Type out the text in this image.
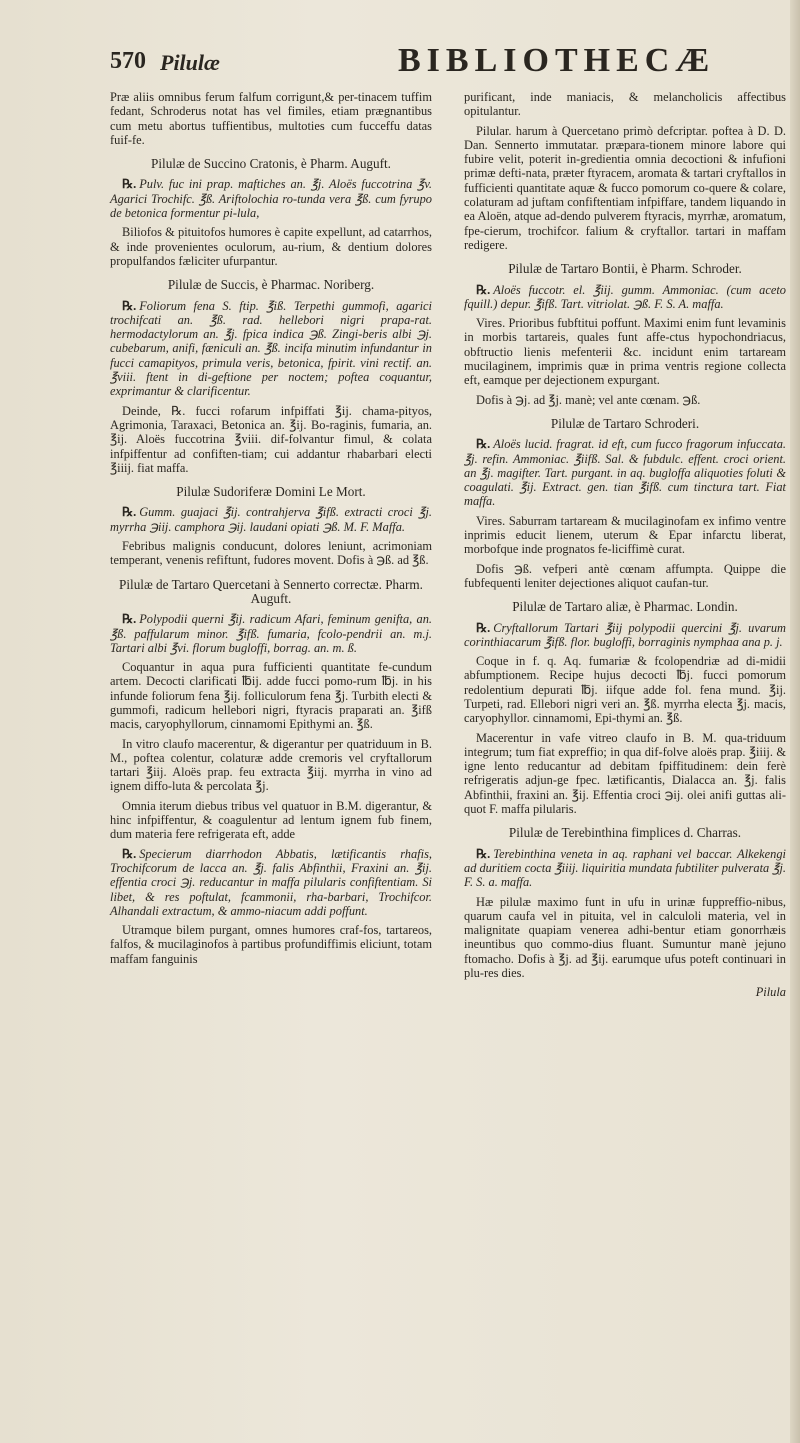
570 Pilulæ	BIBLIOTHECÆ

Præ aliis omnibus ferum falfum corrigunt,& per-tinacem tuffim fedant, Schroderus notat has vel fimiles, etiam prægnantibus cum metu abortus tuffientibus, multoties cum fucceffu datas fuif-fe.

Pilulæ de Succino Cratonis, è Pharm. Auguft.

℞. Pulv. fuc ini prap. maftiches an. ℥j. Aloës fuccotrina ℥v. Agarici Trochifc. ℥ß. Ariftolochia ro-tunda vera ℥ß. cum fyrupo de betonica formentur pi-lula,

Biliofos & pituitofos humores è capite expellunt, ad catarrhos, & inde provenientes oculorum, au-rium, & dentium dolores propulfandos fæliciter ufurpantur.

Pilulæ de Succis, è Pharmac. Noriberg.

℞. Foliorum fena S. ftip. ℥iß. Terpethi gummofi, agarici trochifcati an. ℥ß. rad. hellebori nigri prapa-rat. hermodactylorum an. ℥j. fpica indica ℈ß. Zingi-beris albi ℈j. cubebarum, anifi, fæniculi an. ℥ß. incifa minutim infundantur in fucci camapityos, primula veris, betonica, fpirit. vini rectif. an. ℥viii. ftent in di-geftione per noctem; poftea coquantur, exprimantur & clarificentur.

Deinde, ℞. fucci rofarum infpiffati ℥ij. chama-pityos, Agrimonia, Taraxaci, Betonica an. ℥ij. Bo-raginis, fumaria, an. ℥ij. Aloës fuccotrina ℥viii. dif-folvantur fimul, & colata infpiffentur ad confiften-tiam; cui addantur rhabarbari electi ℥iiij. fiat maffa.

Pilulæ Sudoriferæ Domini Le Mort.

℞. Gumm. guajaci ℥ij. contrahjerva ℥ifß. extracti croci ℥j. myrrha ℈iij. camphora ℈ij. laudani opiati ℈ß. M. F. Maffa.

Febribus malignis conducunt, dolores leniunt, acrimoniam temperant, venenis refiftunt, fudores movent. Dofis à ℈ß. ad ℥ß.

Pilulæ de Tartaro Quercetani à Sennerto correctæ. Pharm. Auguft.

℞. Polypodii querni ℥ij. radicum Afari, feminum genifta, an. ℥ß. paffularum minor. ℥ifß. fumaria, fcolo-pendrii an. m.j. Tartari albi ℥vi. florum bugloffi, borrag. an. m. ß.

Coquantur in aqua pura fufficienti quantitate fe-cundum artem. Decocti clarificati ℔ij. adde fucci pomo-rum ℔j. in his infunde foliorum fena ℥ij. folliculorum fena ℥j. Turbith electi & gummofi, radicum hellebori nigri, ftyracis praparati an. ℥ifß macis, caryophyllorum, cinnamomi Epithymi an. ℥ß.

In vitro claufo macerentur, & digerantur per quatriduum in B. M., poftea colentur, colaturæ adde cremoris vel cryftallorum tartari ℥iij. Aloës prap. feu extracta ℥iij. myrrha in vino ad ignem diffo-luta & percolata ℥j.

Omnia iterum diebus tribus vel quatuor in B.M. digerantur, & hinc infpiffentur, & coagulentur ad lentum ignem fub finem, dum materia fere refrigerata eft, adde

℞. Specierum diarrhodon Abbatis, lætificantis rhafis, Trochifcorum de lacca an. ℥j. falis Abfinthii, Fraxini an. ℥ij. effentia croci ℈j. reducantur in maffa pilularis confiftentiam. Si libet, & res poftulat, fcammonii, rha-barbari, Trochifcor. Alhandali extractum, & ammo-niacum addi poffunt.

Utramque bilem purgant, omnes humores craf-fos, tartareos, falfos, & mucilaginofos à partibus profundiffimis eliciunt, totam maffam fanguinis

purificant, inde maniacis, & melancholicis affectibus opitulantur.

Pilular. harum à Quercetano primò defcriptar. poftea à D. D. Dan. Sennerto immutatar. præpara-tionem minore labore qui fubire velit, poterit in-gredientia omnia decoctioni & infufioni primæ defti-nata, præter ftyracem, aromata & tartari cryftallos in fufficienti quantitate aquæ & fucco pomorum co-quere & colare, colaturam ad juftam confiftentiam infpiffare, tandem liquando in ea Aloën, atque ad-dendo pulverem ftyracis, myrrhæ, aromatum, fpe-cierum, trochifcor. falium & cryftallor. tartari in maffam redigere.

Pilulæ de Tartaro Bontii, è Pharm. Schroder.

℞. Aloës fuccotr. el. ℥iij. gumm. Ammoniac. (cum aceto fquill.) depur. ℥ifß. Tart. vitriolat. ℈ß. F. S. A. maffa.

Vires. Prioribus fubftitui poffunt. Maximi enim funt levaminis in morbis tartareis, quales funt affe-ctus hypochondriacus, obftructio lienis mefenterii &c. incidunt enim tartaream mucilaginem, imprimis quæ in prima ventris regione collecta eft, eamque per dejectionem expurgant.

Dofis à ℈j. ad ℥j. manè; vel ante cœnam. ℈ß.

Pilulæ de Tartaro Schroderi.

℞. Aloës lucid. fragrat. id eft, cum fucco fragorum infuccata. ℥j. refin. Ammoniac. ℥iifß. Sal. & fubdulc. effent. croci orient. an ℥j. magifter. Tart. purgant. in aq. bugloffa aliquoties foluti & coagulati. ℥ij. Extract. gen. tian ℥ifß. cum tinctura tart. Fiat maffa.

Vires. Saburram tartaream & mucilaginofam ex infimo ventre inprimis educit lienem, uterum & Epar infarctu liberat, morbofque inde prognatos fe-liciffimè curat.

Dofis ℈ß. vefperi antè cœnam affumpta. Quippe die fubfequenti leniter dejectiones aliquot caufan-tur.

Pilulæ de Tartaro aliæ, è Pharmac. Londin.

℞. Cryftallorum Tartari ℥iij polypodii quercini ℥j. uvarum corinthiacarum ℥ifß. flor. bugloffi, borraginis nymphaa ana p. j.

Coque in f. q. Aq. fumariæ & fcolopendriæ ad di-midii abfumptionem. Recipe hujus decocti ℔j. fucci pomorum redolentium depurati ℔j. iifque adde fol. fena mund. ℥ij. Turpeti, rad. Ellebori nigri veri an. ℥ß. myrrha electa ℥j. macis, caryophyllor. cinnamomi, Epi-thymi an. ℥ß.

Macerentur in vafe vitreo claufo in B. M. qua-triduum integrum; tum fiat expreffio; in qua dif-folve aloës prap. ℥iiij. & igne lento reducantur ad debitam fpiffitudinem: dein ferè refrigeratis adjun-ge fpec. lætificantis, Dialacca an. ℥j. falis Abfinthii, fraxini an. ℥ij. Effentia croci ℈ij. olei anifi guttas ali-quot F. maffa pilularis.

Pilulæ de Terebinthina fimplices d. Charras.

℞. Terebinthina veneta in aq. raphani vel baccar. Alkekengi ad duritiem cocta ℥iiij. liquiritia mundata fubtiliter pulverata ℥j. F. S. a. maffa.

Hæ pilulæ maximo funt in ufu in urinæ fuppreffio-nibus, quarum caufa vel in pituita, vel in calculoli materia, vel in malignitate quapiam venerea adhi-bentur etiam gonorrhæis ineuntibus quo commo-dius fluant. Sumuntur manè jejuno ftomacho. Dofis à ℥j. ad ℥ij. earumque ufus poteft continuari in plu-res dies.

Pilula
